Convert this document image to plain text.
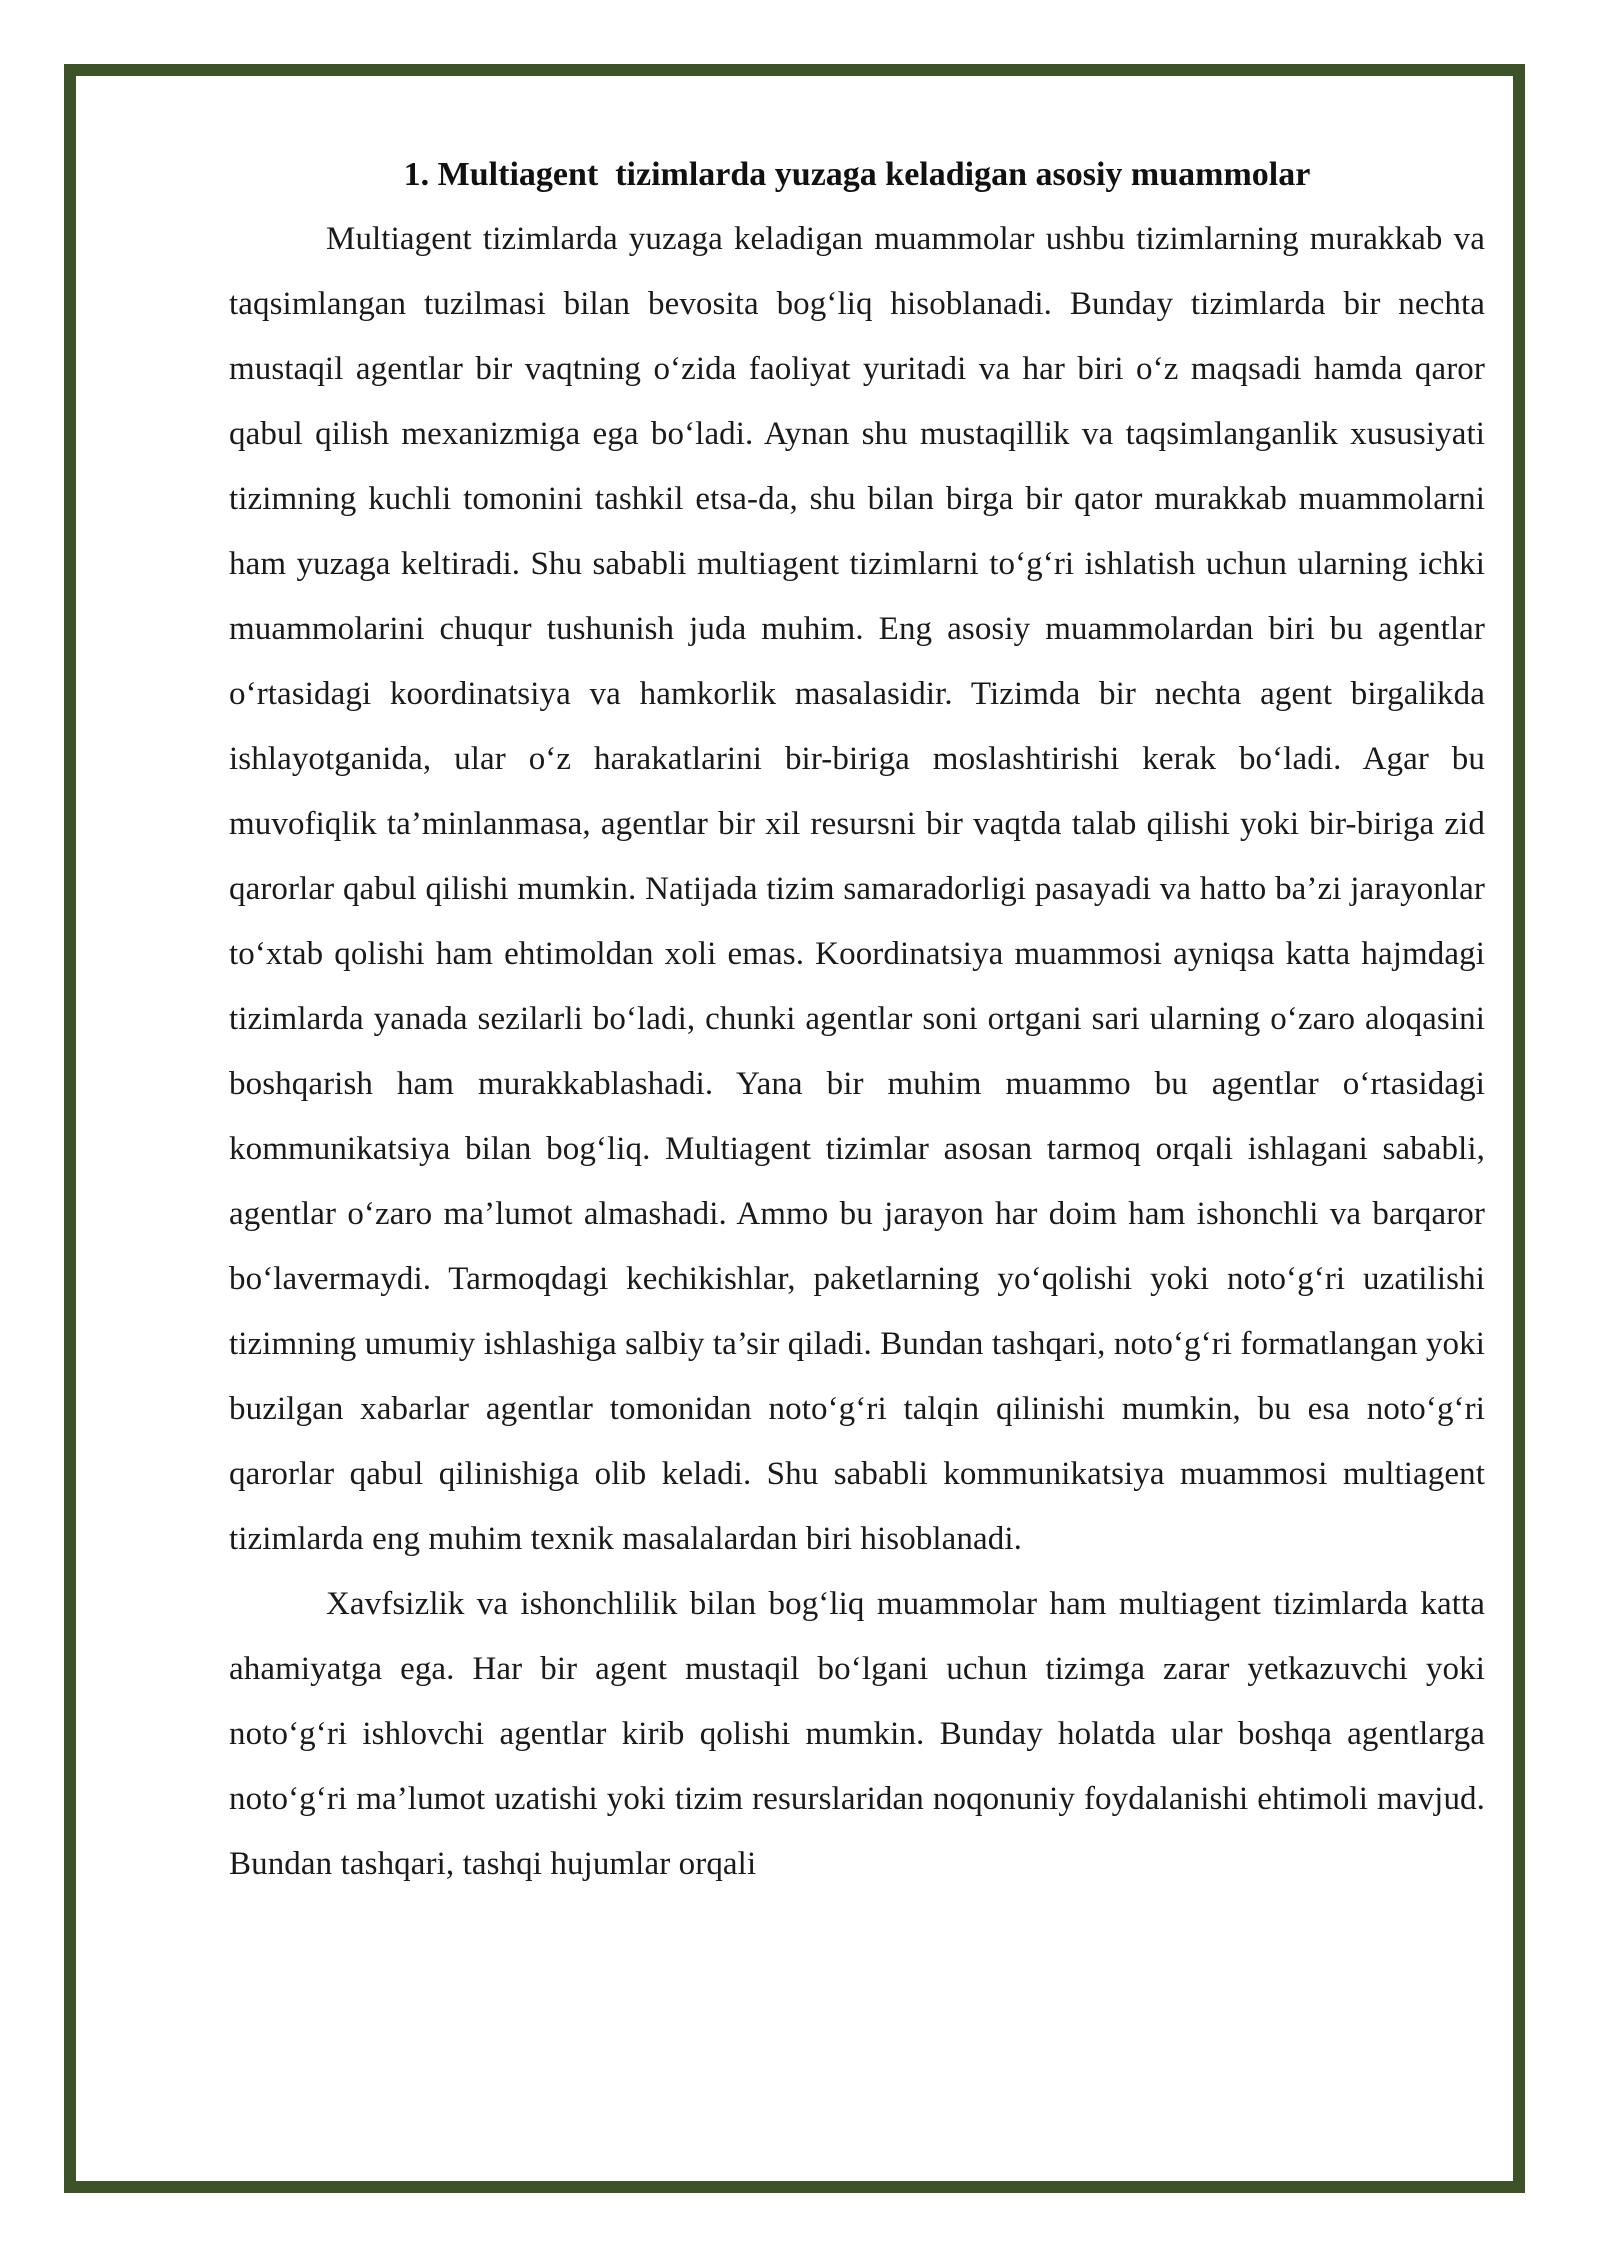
1. Multiagent  tizimlarda yuzaga keladigan asosiy muammolar

Multiagent tizimlarda yuzaga keladigan muammolar ushbu tizimlarning murakkab va taqsimlangan tuzilmasi bilan bevosita bog‘liq hisoblanadi. Bunday tizimlarda bir nechta mustaqil agentlar bir vaqtning o‘zida faoliyat yuritadi va har biri o‘z maqsadi hamda qaror qabul qilish mexanizmiga ega bo‘ladi. Aynan shu mustaqillik va taqsimlanganlik xususiyati tizimning kuchli tomonini tashkil etsa-da, shu bilan birga bir qator murakkab muammolarni ham yuzaga keltiradi. Shu sababli multiagent tizimlarni to‘g‘ri ishlatish uchun ularning ichki muammolarini chuqur tushunish juda muhim. Eng asosiy muammolardan biri bu agentlar o‘rtasidagi koordinatsiya va hamkorlik masalasidir. Tizimda bir nechta agent birgalikda ishlayotganida, ular o‘z harakatlarini bir-biriga moslashtirishi kerak bo‘ladi. Agar bu muvofiqlik ta’minlanmasa, agentlar bir xil resursni bir vaqtda talab qilishi yoki bir-biriga zid qarorlar qabul qilishi mumkin. Natijada tizim samaradorligi pasayadi va hatto ba’zi jarayonlar to‘xtab qolishi ham ehtimoldan xoli emas. Koordinatsiya muammosi ayniqsa katta hajmdagi tizimlarda yanada sezilarli bo‘ladi, chunki agentlar soni ortgani sari ularning o‘zaro aloqasini boshqarish ham murakkablashadi. Yana bir muhim muammo bu agentlar o‘rtasidagi kommunikatsiya bilan bog‘liq. Multiagent tizimlar asosan tarmoq orqali ishlagani sababli, agentlar o‘zaro ma’lumot almashadi. Ammo bu jarayon har doim ham ishonchli va barqaror bo‘lavermaydi. Tarmoqdagi kechikishlar, paketlarning yo‘qolishi yoki noto‘g‘ri uzatilishi tizimning umumiy ishlashiga salbiy ta’sir qiladi. Bundan tashqari, noto‘g‘ri formatlangan yoki buzilgan xabarlar agentlar tomonidan noto‘g‘ri talqin qilinishi mumkin, bu esa noto‘g‘ri qarorlar qabul qilinishiga olib keladi. Shu sababli kommunikatsiya muammosi multiagent tizimlarda eng muhim texnik masalalardan biri hisoblanadi.

Xavfsizlik va ishonchlilik bilan bog‘liq muammolar ham multiagent tizimlarda katta ahamiyatga ega. Har bir agent mustaqil bo‘lgani uchun tizimga zarar yetkazuvchi yoki noto‘g‘ri ishlovchi agentlar kirib qolishi mumkin. Bunday holatda ular boshqa agentlarga noto‘g‘ri ma’lumot uzatishi yoki tizim resurslaridan noqonuniy foydalanishi ehtimoli mavjud. Bundan tashqari, tashqi hujumlar orqali
